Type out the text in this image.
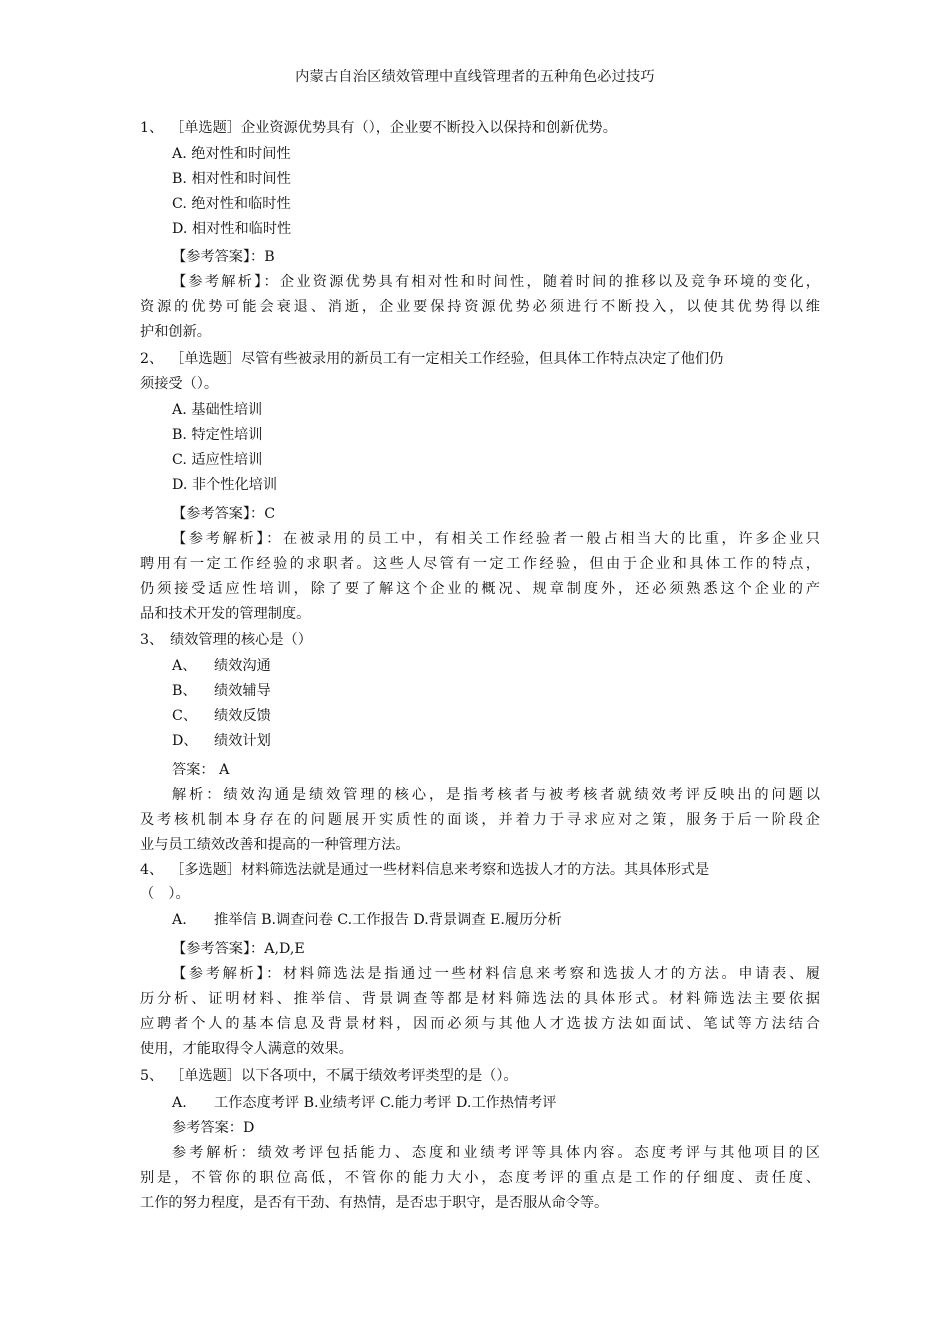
内蒙古自治区绩效管理中直线管理者的五种角色必过技巧
1、 ［单选题］企业资源优势具有（），企业要不断投入以保持和创新优势。
A. 绝对性和时间性
B. 相对性和时间性
C. 绝对性和临时性
D. 相对性和临时性
【参考答案】：B
【参考解析】：企业资源优势具有相对性和时间性，随着时间的推移以及竞争环境的变化，
资源的优势可能会衰退、消逝，企业要保持资源优势必须进行不断投入，以使其优势得以维
护和创新。
2、 ［单选题］尽管有些被录用的新员工有一定相关工作经验，但具体工作特点决定了他们仍
须接受（）。
A. 基础性培训
B. 特定性培训
C. 适应性培训
D. 非个性化培训
【参考答案】：C
【参考解析】：在被录用的员工中，有相关工作经验者一般占相当大的比重，许多企业只
聘用有一定工作经验的求职者。这些人尽管有一定工作经验，但由于企业和具体工作的特点，
仍须接受适应性培训，除了要了解这个企业的概况、规章制度外，还必须熟悉这个企业的产
品和技术开发的管理制度。
3、 绩效管理的核心是（）
A、 绩效沟通
B、 绩效辅导
C、 绩效反馈
D、 绩效计划
答案： A
解析：绩效沟通是绩效管理的核心，是指考核者与被考核者就绩效考评反映出的问题以
及考核机制本身存在的问题展开实质性的面谈，并着力于寻求应对之策，服务于后一阶段企
业与员工绩效改善和提高的一种管理方法。
4、 ［多选题］材料筛选法就是通过一些材料信息来考察和选拔人才的方法。其具体形式是
（　）。
A. 推举信 B.调查问卷 C.工作报告 D.背景调查 E.履历分析
【参考答案】：A,D,E
【参考解析】：材料筛选法是指通过一些材料信息来考察和选拔人才的方法。申请表、履
历分析、证明材料、推举信、背景调查等都是材料筛选法的具体形式。材料筛选法主要依据
应聘者个人的基本信息及背景材料，因而必须与其他人才选拔方法如面试、笔试等方法结合
使用，才能取得令人满意的效果。
5、 ［单选题］以下各项中，不属于绩效考评类型的是（）。
A. 工作态度考评 B.业绩考评 C.能力考评 D.工作热情考评
参考答案：D
参考解析：绩效考评包括能力、态度和业绩考评等具体内容。态度考评与其他项目的区
别是，不管你的职位高低，不管你的能力大小，态度考评的重点是工作的仔细度、责任度、
工作的努力程度，是否有干劲、有热情，是否忠于职守，是否服从命令等。
